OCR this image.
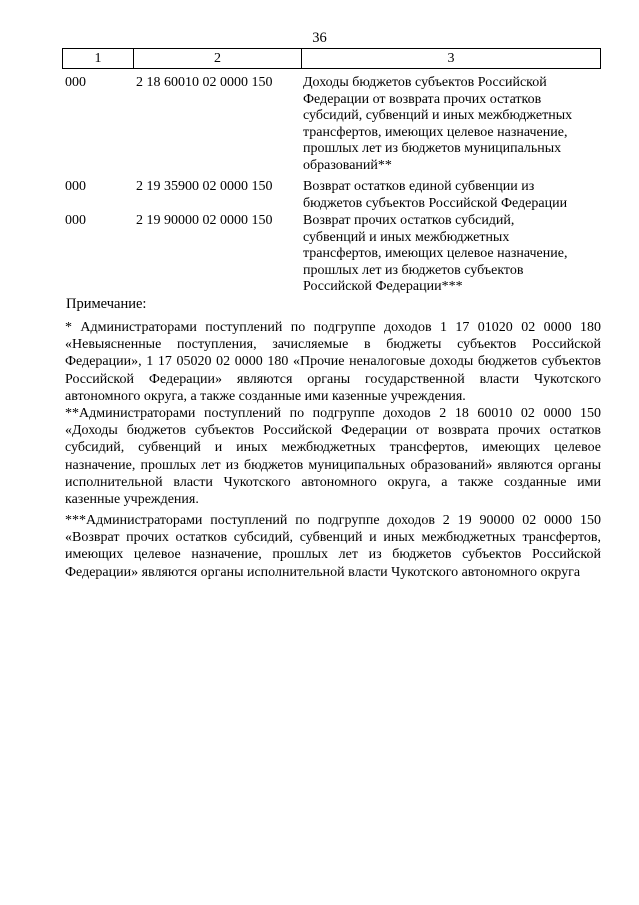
36
1	2	3
000	2 18 60010 02 0000 150 Доходы бюджетов субъектов Российской
Федерации от возврата прочих остатков
субсидий, субвенций и иных межбюджетных
трансфертов, имеющих целевое назначение,
прошлых лет из бюджетов муниципальных
образований**
000	2 19 35900 02 0000 150 Возврат остатков единой субвенции из
бюджетов субъектов Российской Федерации
000	2 19 90000 02 0000 150 Возврат прочих остатков субсидий,
субвенций и иных межбюджетных
трансфертов, имеющих целевое назначение,
прошлых лет из бюджетов субъектов
Российской Федерации***
Примечание:
* Администраторами поступлений по подгруппе доходов 1 17 01020 02 0000 180 «Невыясненные поступления, зачисляемые в бюджеты субъектов Российской Федерации», 1 17 05020 02 0000 180 «Прочие неналоговые доходы бюджетов субъектов Российской Федерации» являются органы государственной власти Чукотского автономного округа, а также созданные ими казенные учреждения.
**Администраторами поступлений по подгруппе доходов 2 18 60010 02 0000 150 «Доходы бюджетов субъектов Российской Федерации от возврата прочих остатков субсидий, субвенций и иных межбюджетных трансфертов, имеющих целевое назначение, прошлых лет из бюджетов муниципальных образований» являются органы исполнительной власти Чукотского автономного округа, а также созданные ими казенные учреждения.
***Администраторами поступлений по подгруппе доходов 2 19 90000 02 0000 150 «Возврат прочих остатков субсидий, субвенций и иных межбюджетных трансфертов, имеющих целевое назначение, прошлых лет из бюджетов субъектов Российской Федерации» являются органы исполнительной власти Чукотского автономного округа
